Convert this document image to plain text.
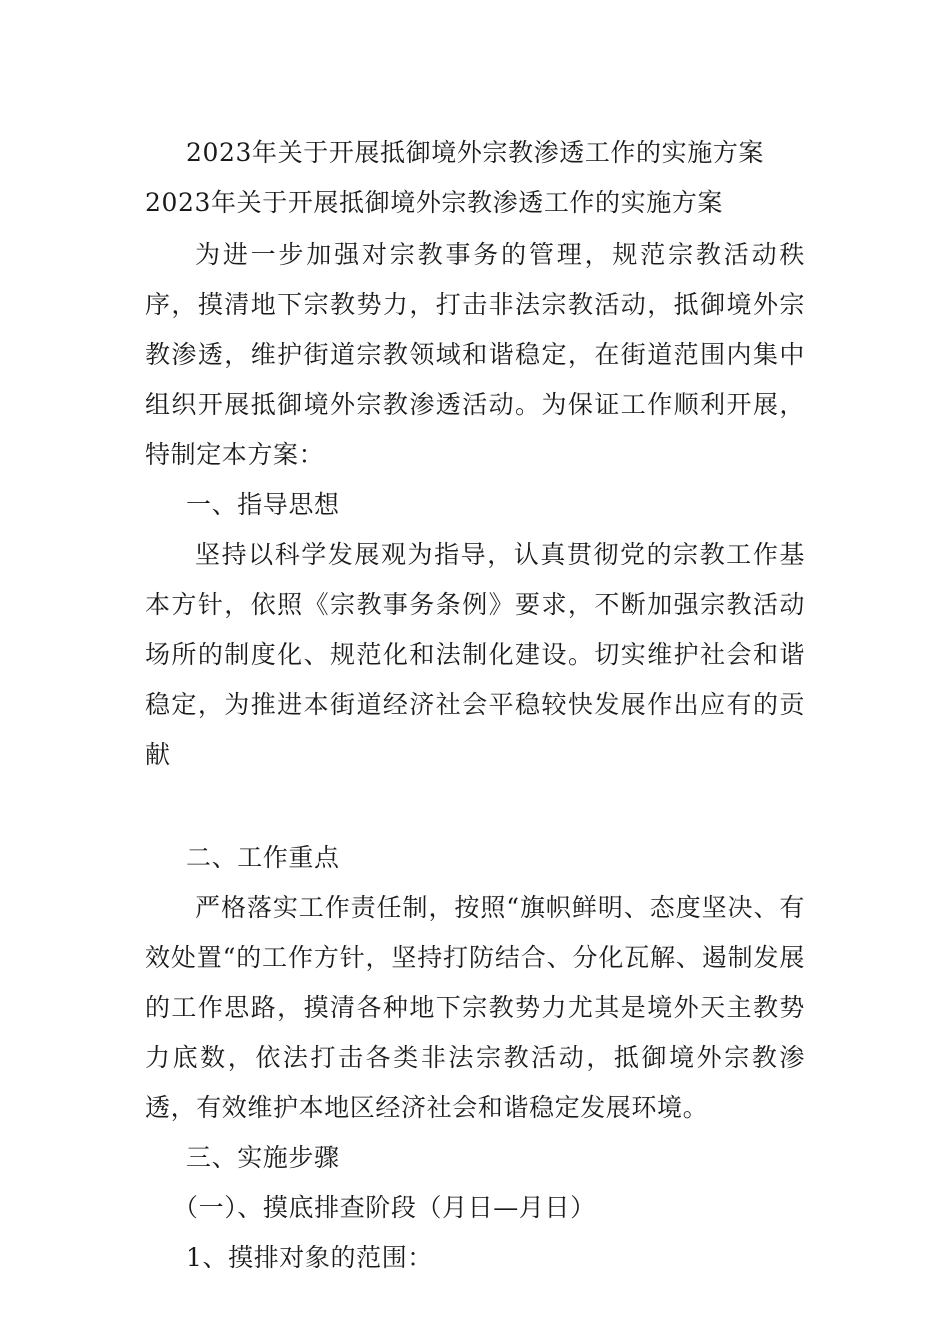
2023年关于开展抵御境外宗教渗透工作的实施方案
2023年关于开展抵御境外宗教渗透工作的实施方案

为进一步加强对宗教事务的管理，规范宗教活动秩序，摸清地下宗教势力，打击非法宗教活动，抵御境外宗教渗透，维护街道宗教领域和谐稳定，在街道范围内集中组织开展抵御境外宗教渗透活动。为保证工作顺利开展，特制定本方案：

一、指导思想

坚持以科学发展观为指导，认真贯彻党的宗教工作基本方针，依照《宗教事务条例》要求，不断加强宗教活动场所的制度化、规范化和法制化建设。切实维护社会和谐稳定，为推进本街道经济社会平稳较快发展作出应有的贡献

二、工作重点

严格落实工作责任制，按照“旗帜鲜明、态度坚决、有效处置“的工作方针，坚持打防结合、分化瓦解、遏制发展的工作思路，摸清各种地下宗教势力尤其是境外天主教势力底数，依法打击各类非法宗教活动，抵御境外宗教渗透，有效维护本地区经济社会和谐稳定发展环境。

三、实施步骤
（一）、摸底排查阶段（月日—月日）
1、摸排对象的范围：
